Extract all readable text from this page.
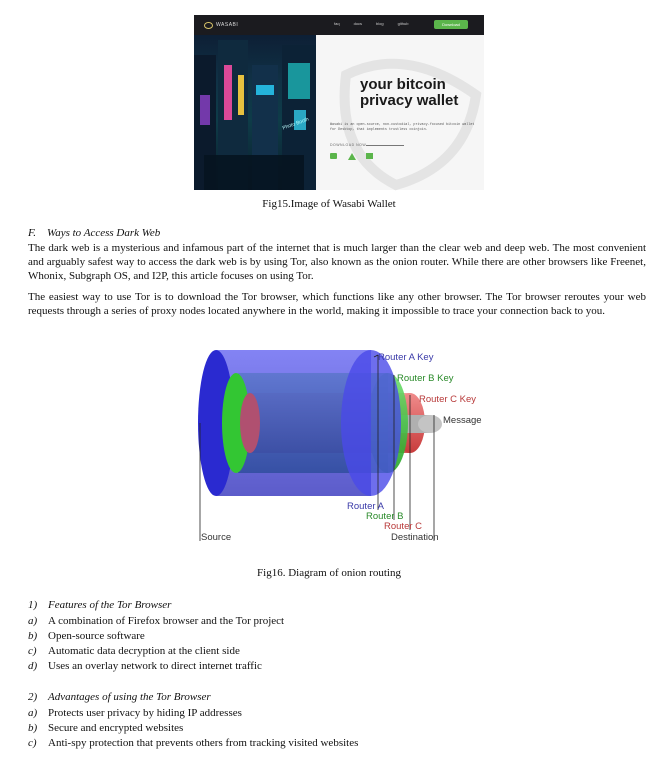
WASABI	faq	docs	blog	github	Download
Photo Booth
your bitcoin privacy wallet
Wasabi is an open-source, non-custodial, privacy-focused bitcoin wallet for Desktop, that implements trustless coinjoin.
DOWNLOAD NOW
Fig15.Image of Wasabi Wallet
F.    Ways to Access Dark Web
The dark web is a mysterious and infamous part of the internet that is much larger than the clear web and deep web. The most convenient and arguably safest way to access the dark web is by using Tor, also known as the onion router. While there are other browsers like Freenet, Whonix, Subgraph OS, and I2P, this article focuses on using Tor.
The easiest way to use Tor is to download the Tor browser, which functions like any other browser. The Tor browser reroutes your web requests through a series of proxy nodes located anywhere in the world, making it impossible to trace your connection back to you.
Router A Key
Router B Key
Router C Key
Message
Router A
Router B
Router C
Source	Destination
Fig16. Diagram of onion routing
1) Features of the Tor Browser
a) A combination of Firefox browser and the Tor project
b) Open-source software
c) Automatic data decryption at the client side
d) Uses an overlay network to direct internet traffic
2) Advantages of using the Tor Browser
a) Protects user privacy by hiding IP addresses
b) Secure and encrypted websites
c) Anti-spy protection that prevents others from tracking visited websites
